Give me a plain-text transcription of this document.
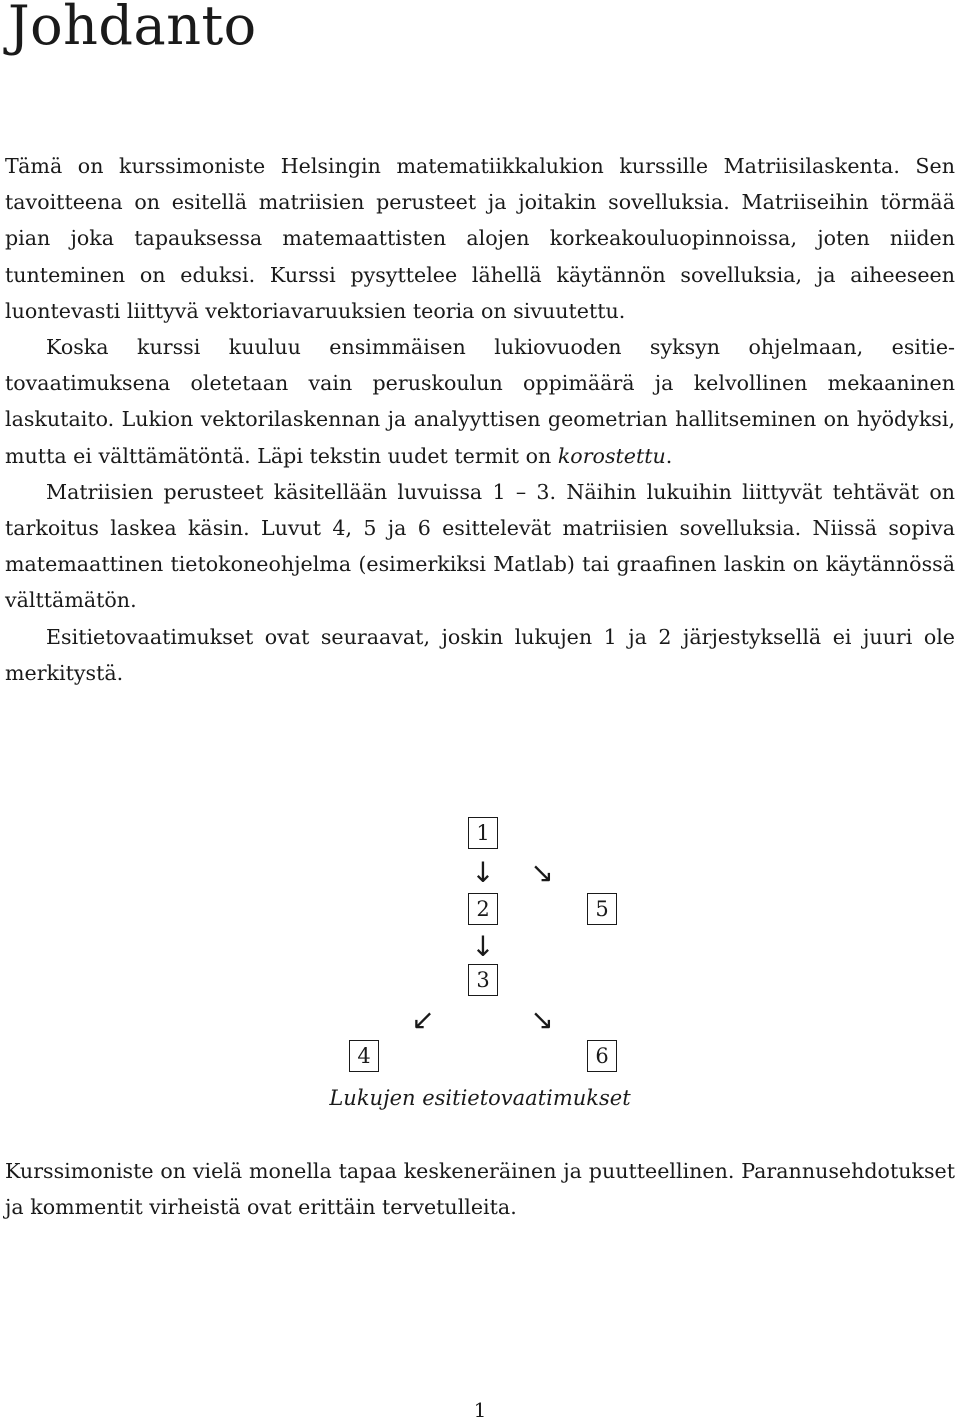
Johdanto

Tämä on kurssimoniste Helsingin matematiikkalukion kurssille Matriisilaskenta. Sen tavoitteena on esitellä matriisien perusteet ja joitakin sovelluksia. Matriiseihin törmää pian joka tapauksessa matemaattisten alojen korkeakouluopinnoissa, joten niiden tunteminen on eduksi. Kurssi pysyttelee lähellä käytännön sovelluksia, ja aiheeseen luontevasti liittyvä vektoriavaruuksien teoria on sivuutettu.

Koska kurssi kuuluu ensimmäisen lukiovuoden syksyn ohjelmaan, esitietovaatimuksena oletetaan vain peruskoulun oppimäärä ja kelvollinen mekaaninen laskutaito. Lukion vektorilaskennan ja analyyttisen geometrian hallitseminen on hyödyksi, mutta ei välttämätöntä. Läpi tekstin uudet termit on korostettu.

Matriisien perusteet käsitellään luvuissa 1 – 3. Näihin lukuihin liittyvät tehtävät on tarkoitus laskea käsin. Luvut 4, 5 ja 6 esittelevät matriisien sovelluksia. Niissä sopiva matemaattinen tietokoneohjelma (esimerkiksi Matlab) tai graafinen laskin on käytännössä välttämätön.

Esitietovaatimukset ovat seuraavat, joskin lukujen 1 ja 2 järjestyksellä ei juuri ole merkitystä.

1
↓ ↘
2	5
↓
3
↙	↘
4	6
Lukujen esitietovaatimukset

Kurssimoniste on vielä monella tapaa keskeneräinen ja puutteellinen. Parannusehdotukset ja kommentit virheistä ovat erittäin tervetulleita.

1
